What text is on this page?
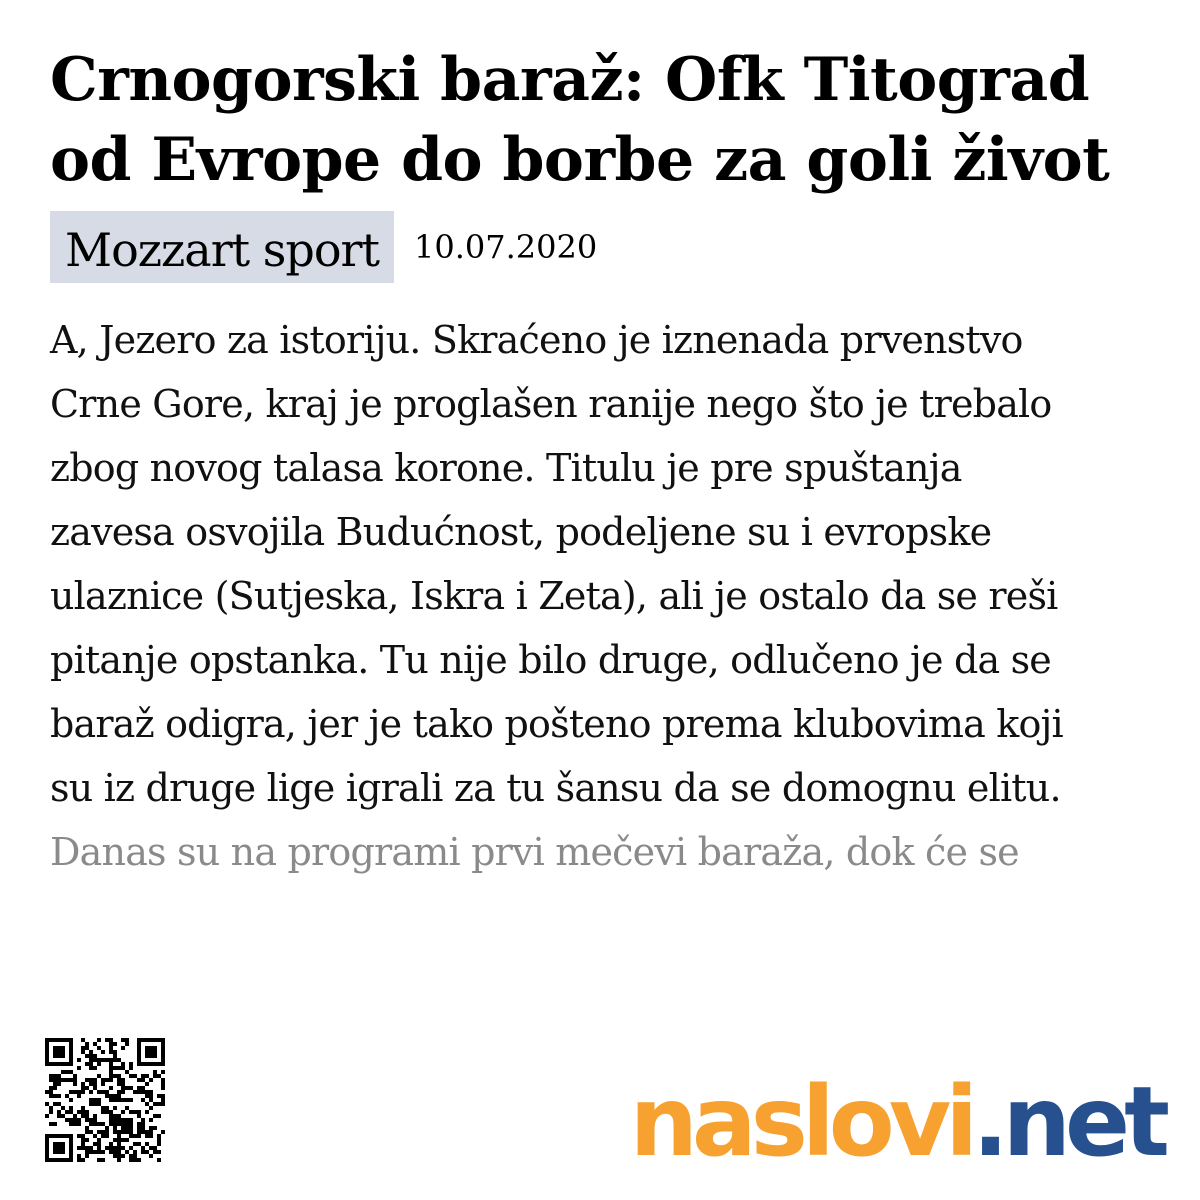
Crnogorski baraž: Ofk Titograd od Evrope do borbe za goli život
Mozzart sport	10.07.2020
A, Jezero za istoriju. Skraćeno je iznenada prvenstvo
Crne Gore, kraj je proglašen ranije nego što je trebalo
zbog novog talasa korone. Titulu je pre spuštanja
zavesa osvojila Budućnost, podeljene su i evropske
ulaznice (Sutjeska, Iskra i Zeta), ali je ostalo da se reši
pitanje opstanka. Tu nije bilo druge, odlučeno je da se
baraž odigra, jer je tako pošteno prema klubovima koji
su iz druge lige igrali za tu šansu da se domognu elitu.
Danas su na programi prvi mečevi baraža, dok će se
naslovi .net
